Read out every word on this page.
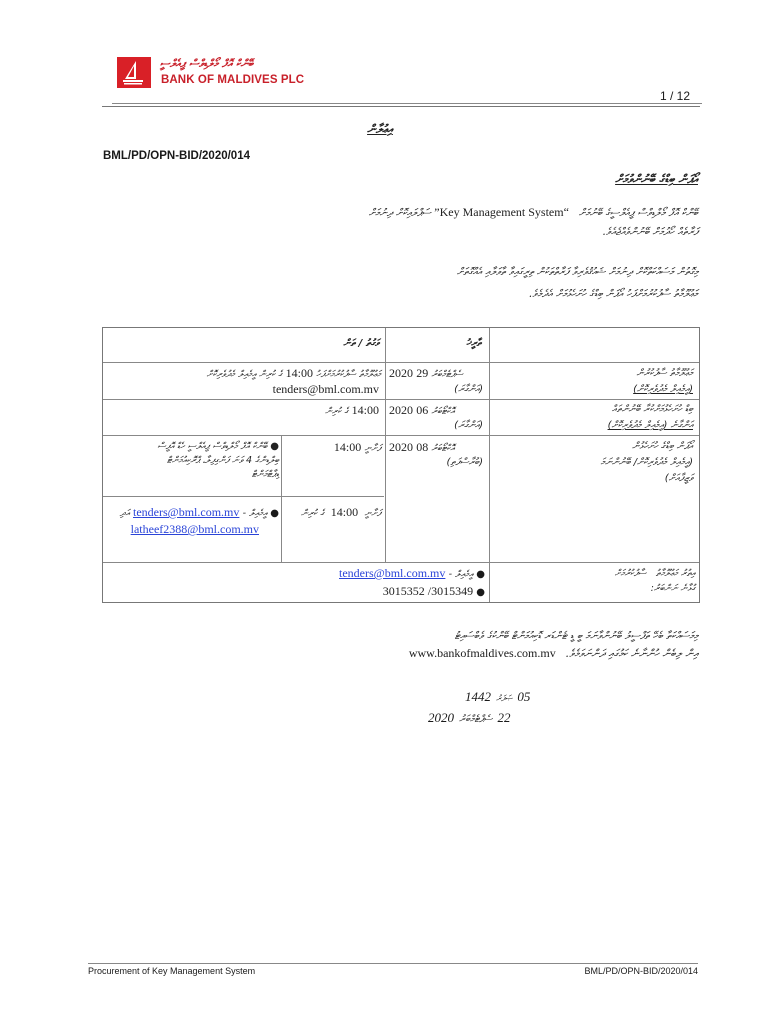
ބޭންކް އޮފް މޯލްޑިވްސް ޕީއެލްސީ
BANK OF MALDIVES PLC
1 / 12
އިޢުލާން
BML/PD/OPN-BID/2020/014
އޯޕަން ބިޑްގެ ބޭނުންވުމަށް
ބޭންކް އޮފް މޯލްޑިވްސް ޕީއެލްސީގެ ބޭނުމަށް   “Key Management System” ސަޕްލައިކޮށް ދިނުމަށް
ފަރާތެއް ހޯދުމަށް ބޭނުންވެއްޖެއެވެ.
މިގޮތުން މަސައްކަތްކޮށް ދިނުމަށް ޝައުޤުވެރިވާ ފަރާތްތަކުން ތިރީގައިވާ ތާވަލާއި އެއްގޮތަށް
މަޢުލޫމާތު ސާފުކުރުމަށްފަހު އޯޕަން ބިޑްގެ ހުށަހެޅުމަށް އެދެމެވެ.
ތާރީޚު
ވަގުތު / ތަން
މަޢުލޫމާތު ސާފުކުރުން
(އީމެއިލް މެދުވެރިކޮށް)
2020 ސެޕްޓެމްބަރު 29
(އަންގާރަ)
މަޢުލޫމާތު ސާފުކުރުމަށްފަހު 14:00 ގެ ކުރިން އީމެއިލް މެދުވެރިކޮށް
tenders@bml.com.mv
ބިޑް ހުށަހެޅުމަށްކުރާ ބޭނުންތައް
އަންގާނެ (އީމެއިލް މެދުވެރިކޮށް)
2020 އޮކްޓޯބަރު 06
(އަންގާރަ)
14:00 ގެ ކުރިން
އޯޕަން ބިޑްގެ ހުށަހެޅުން
(އީމެއިލް މެދުވެރިކޮށް/ ބޭނުންނަމަ
ވަޒީފާއަށް)
2020 އޮކްޓޯބަރު 08
(ބުރާސްފަތި)
ފަށާނީ 14:00
● ބޭންކް އޮފް މޯލްޑިވްސް ޕީއެލްސީ ހެޑް އޮފީސް
ބިލްޑިންގެ 4 ވަނަ ފަންގިފިލާ، ޕްރޮކިއުމަންޓް
ޑިޕާޓްމަންޓް
ފަށާނީ  14:00  ގެ ކުރިން
● އީމެއިލް - tenders@bml.com.mv އަދި
latheef2388@bml.com.mv
އިތުރު މަޢުލޫމާތު   ސާފުކުރުމަށް
ގުޅާނެ ނަންބަރު:
● އީމެއިލް - tenders@bml.com.mv
● 3015352 /3015349
މިމަސައްކަތާ ބެހޭ ތަފްސީލު ބޭނުންވާނަމަ ބީ ޑީ ޓެންޑަރ ޑޮކިއުމަންޓް ބޭންކުގެ ވެބްސައިޓު
އިން ލިބެން ހުންނާނެ ކަމުގައި ދަންނަވަމެވެ.   www.bankofmaldives.com.mv
05 ޞަފަރު 1442
22 ސެޕްޓެމްބަރު 2020
Procurement of Key Management System	BML/PD/OPN-BID/2020/014
